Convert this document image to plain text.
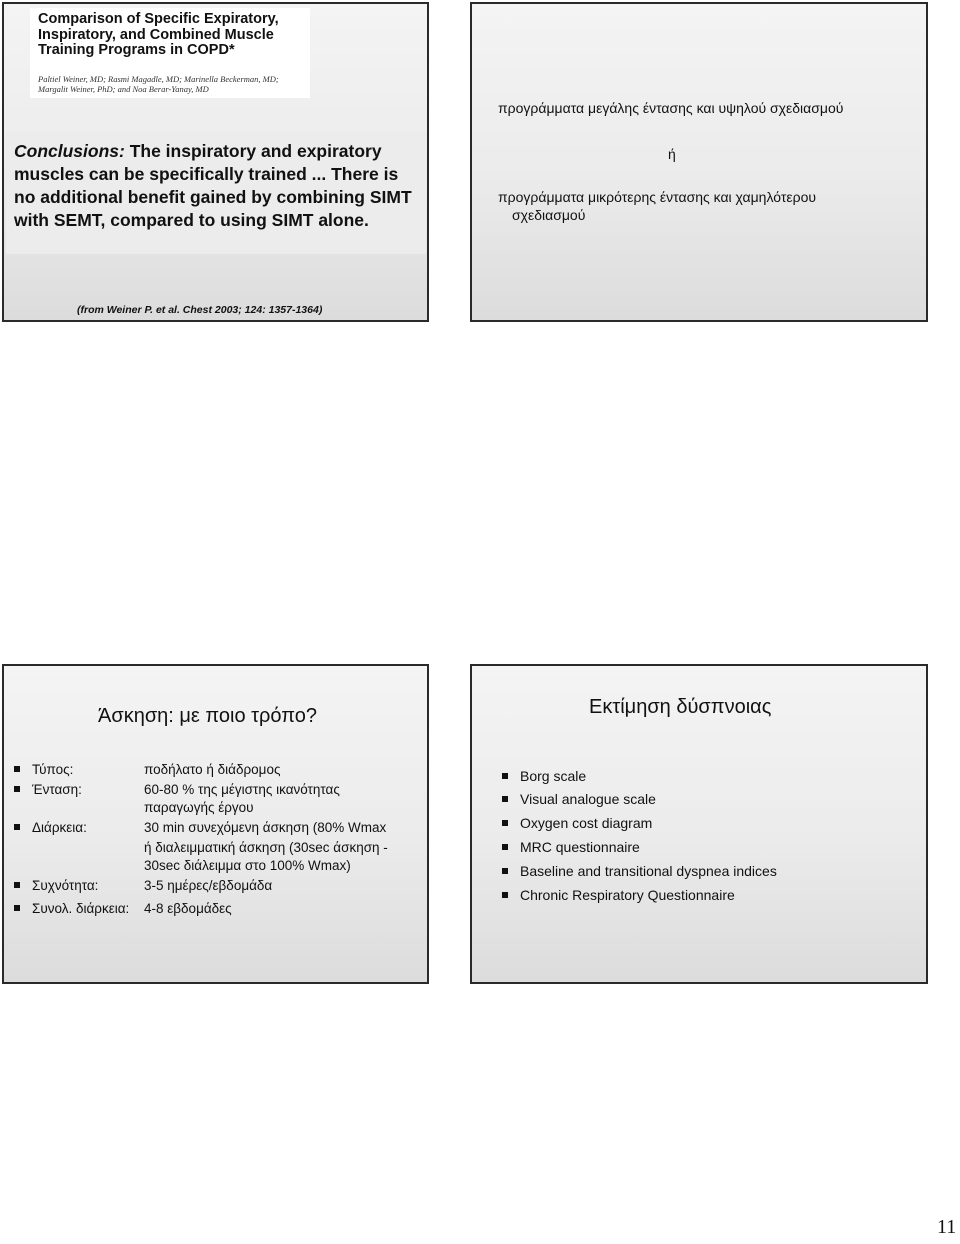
Comparison of Specific Expiratory, Inspiratory, and Combined Muscle Training Programs in COPD*
Paltiel Weiner, MD; Rasmi Magadle, MD; Marinella Beckerman, MD; Margalit Weiner, PhD; and Noa Berar-Yanay, MD
Conclusions: The inspiratory and expiratory muscles can be specifically trained ... There is no additional benefit gained by combining SIMT with SEMT, compared to using SIMT alone.
(from Weiner P. et al. Chest 2003; 124: 1357-1364)
προγράμματα μεγάλης έντασης και υψηλού σχεδιασμού
ή
προγράμματα μικρότερης έντασης και χαμηλότερου
σχεδιασμού
Άσκηση: με ποιο τρόπο?
Τύπος:	ποδήλατο ή διάδρομος
Ένταση:	60-80 % της μέγιστης ικανότητας
παραγωγής έργου
Διάρκεια:	30 min συνεχόμενη άσκηση (80% Wmax
ή διαλειμματική άσκηση (30sec άσκηση -
30sec διάλειμμα στο 100% Wmax)
Συχνότητα:	3-5 ημέρες/εβδομάδα
Συνολ. διάρκεια: 4-8 εβδομάδες
Εκτίμηση δύσπνοιας
Borg scale
Visual analogue scale
Oxygen cost diagram
MRC questionnaire
Baseline and transitional dyspnea indices
Chronic Respiratory Questionnaire
11
